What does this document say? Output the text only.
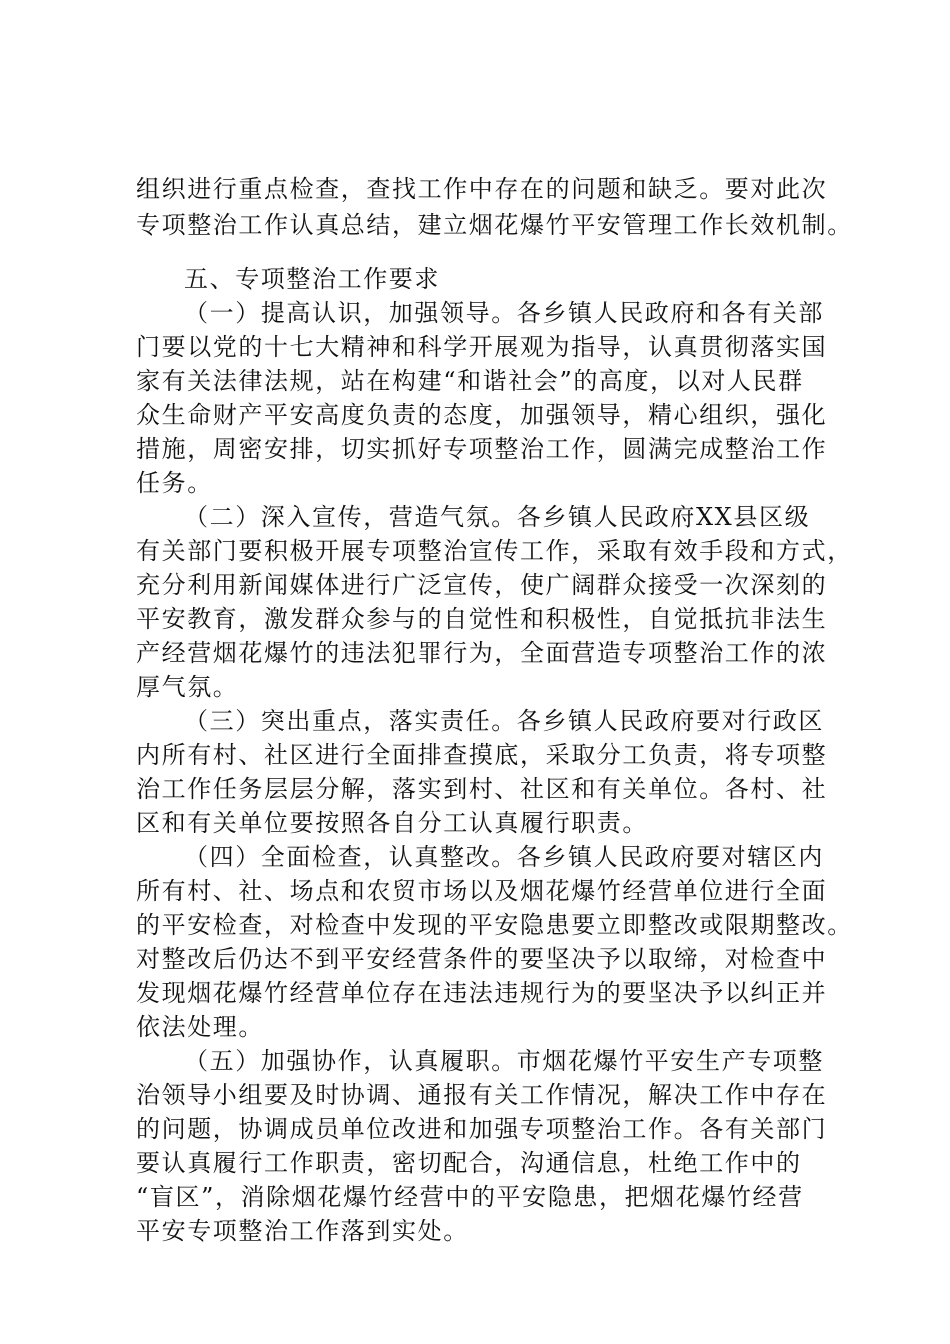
组织进行重点检查，查找工作中存在的问题和缺乏。要对此次
专项整治工作认真总结，建立烟花爆竹平安管理工作长效机制。
五、专项整治工作要求
（一）提高认识，加强领导。各乡镇人民政府和各有关部
门要以党的十七大精神和科学开展观为指导，认真贯彻落实国
家有关法律法规，站在构建“和谐社会”的高度，以对人民群
众生命财产平安高度负责的态度，加强领导，精心组织，强化
措施，周密安排，切实抓好专项整治工作，圆满完成整治工作
任务。
（二）深入宣传，营造气氛。各乡镇人民政府XX县区级
有关部门要积极开展专项整治宣传工作，采取有效手段和方式，
充分利用新闻媒体进行广泛宣传，使广阔群众接受一次深刻的
平安教育，激发群众参与的自觉性和积极性，自觉抵抗非法生
产经营烟花爆竹的违法犯罪行为，全面营造专项整治工作的浓
厚气氛。
（三）突出重点，落实责任。各乡镇人民政府要对行政区
内所有村、社区进行全面排查摸底，采取分工负责，将专项整
治工作任务层层分解，落实到村、社区和有关单位。各村、社
区和有关单位要按照各自分工认真履行职责。
（四）全面检查，认真整改。各乡镇人民政府要对辖区内
所有村、社、场点和农贸市场以及烟花爆竹经营单位进行全面
的平安检查，对检查中发现的平安隐患要立即整改或限期整改。
对整改后仍达不到平安经营条件的要坚决予以取缔，对检查中
发现烟花爆竹经营单位存在违法违规行为的要坚决予以纠正并
依法处理。
（五）加强协作，认真履职。市烟花爆竹平安生产专项整
治领导小组要及时协调、通报有关工作情况，解决工作中存在
的问题，协调成员单位改进和加强专项整治工作。各有关部门
要认真履行工作职责，密切配合，沟通信息，杜绝工作中的
“盲区”，消除烟花爆竹经营中的平安隐患，把烟花爆竹经营
平安专项整治工作落到实处。
